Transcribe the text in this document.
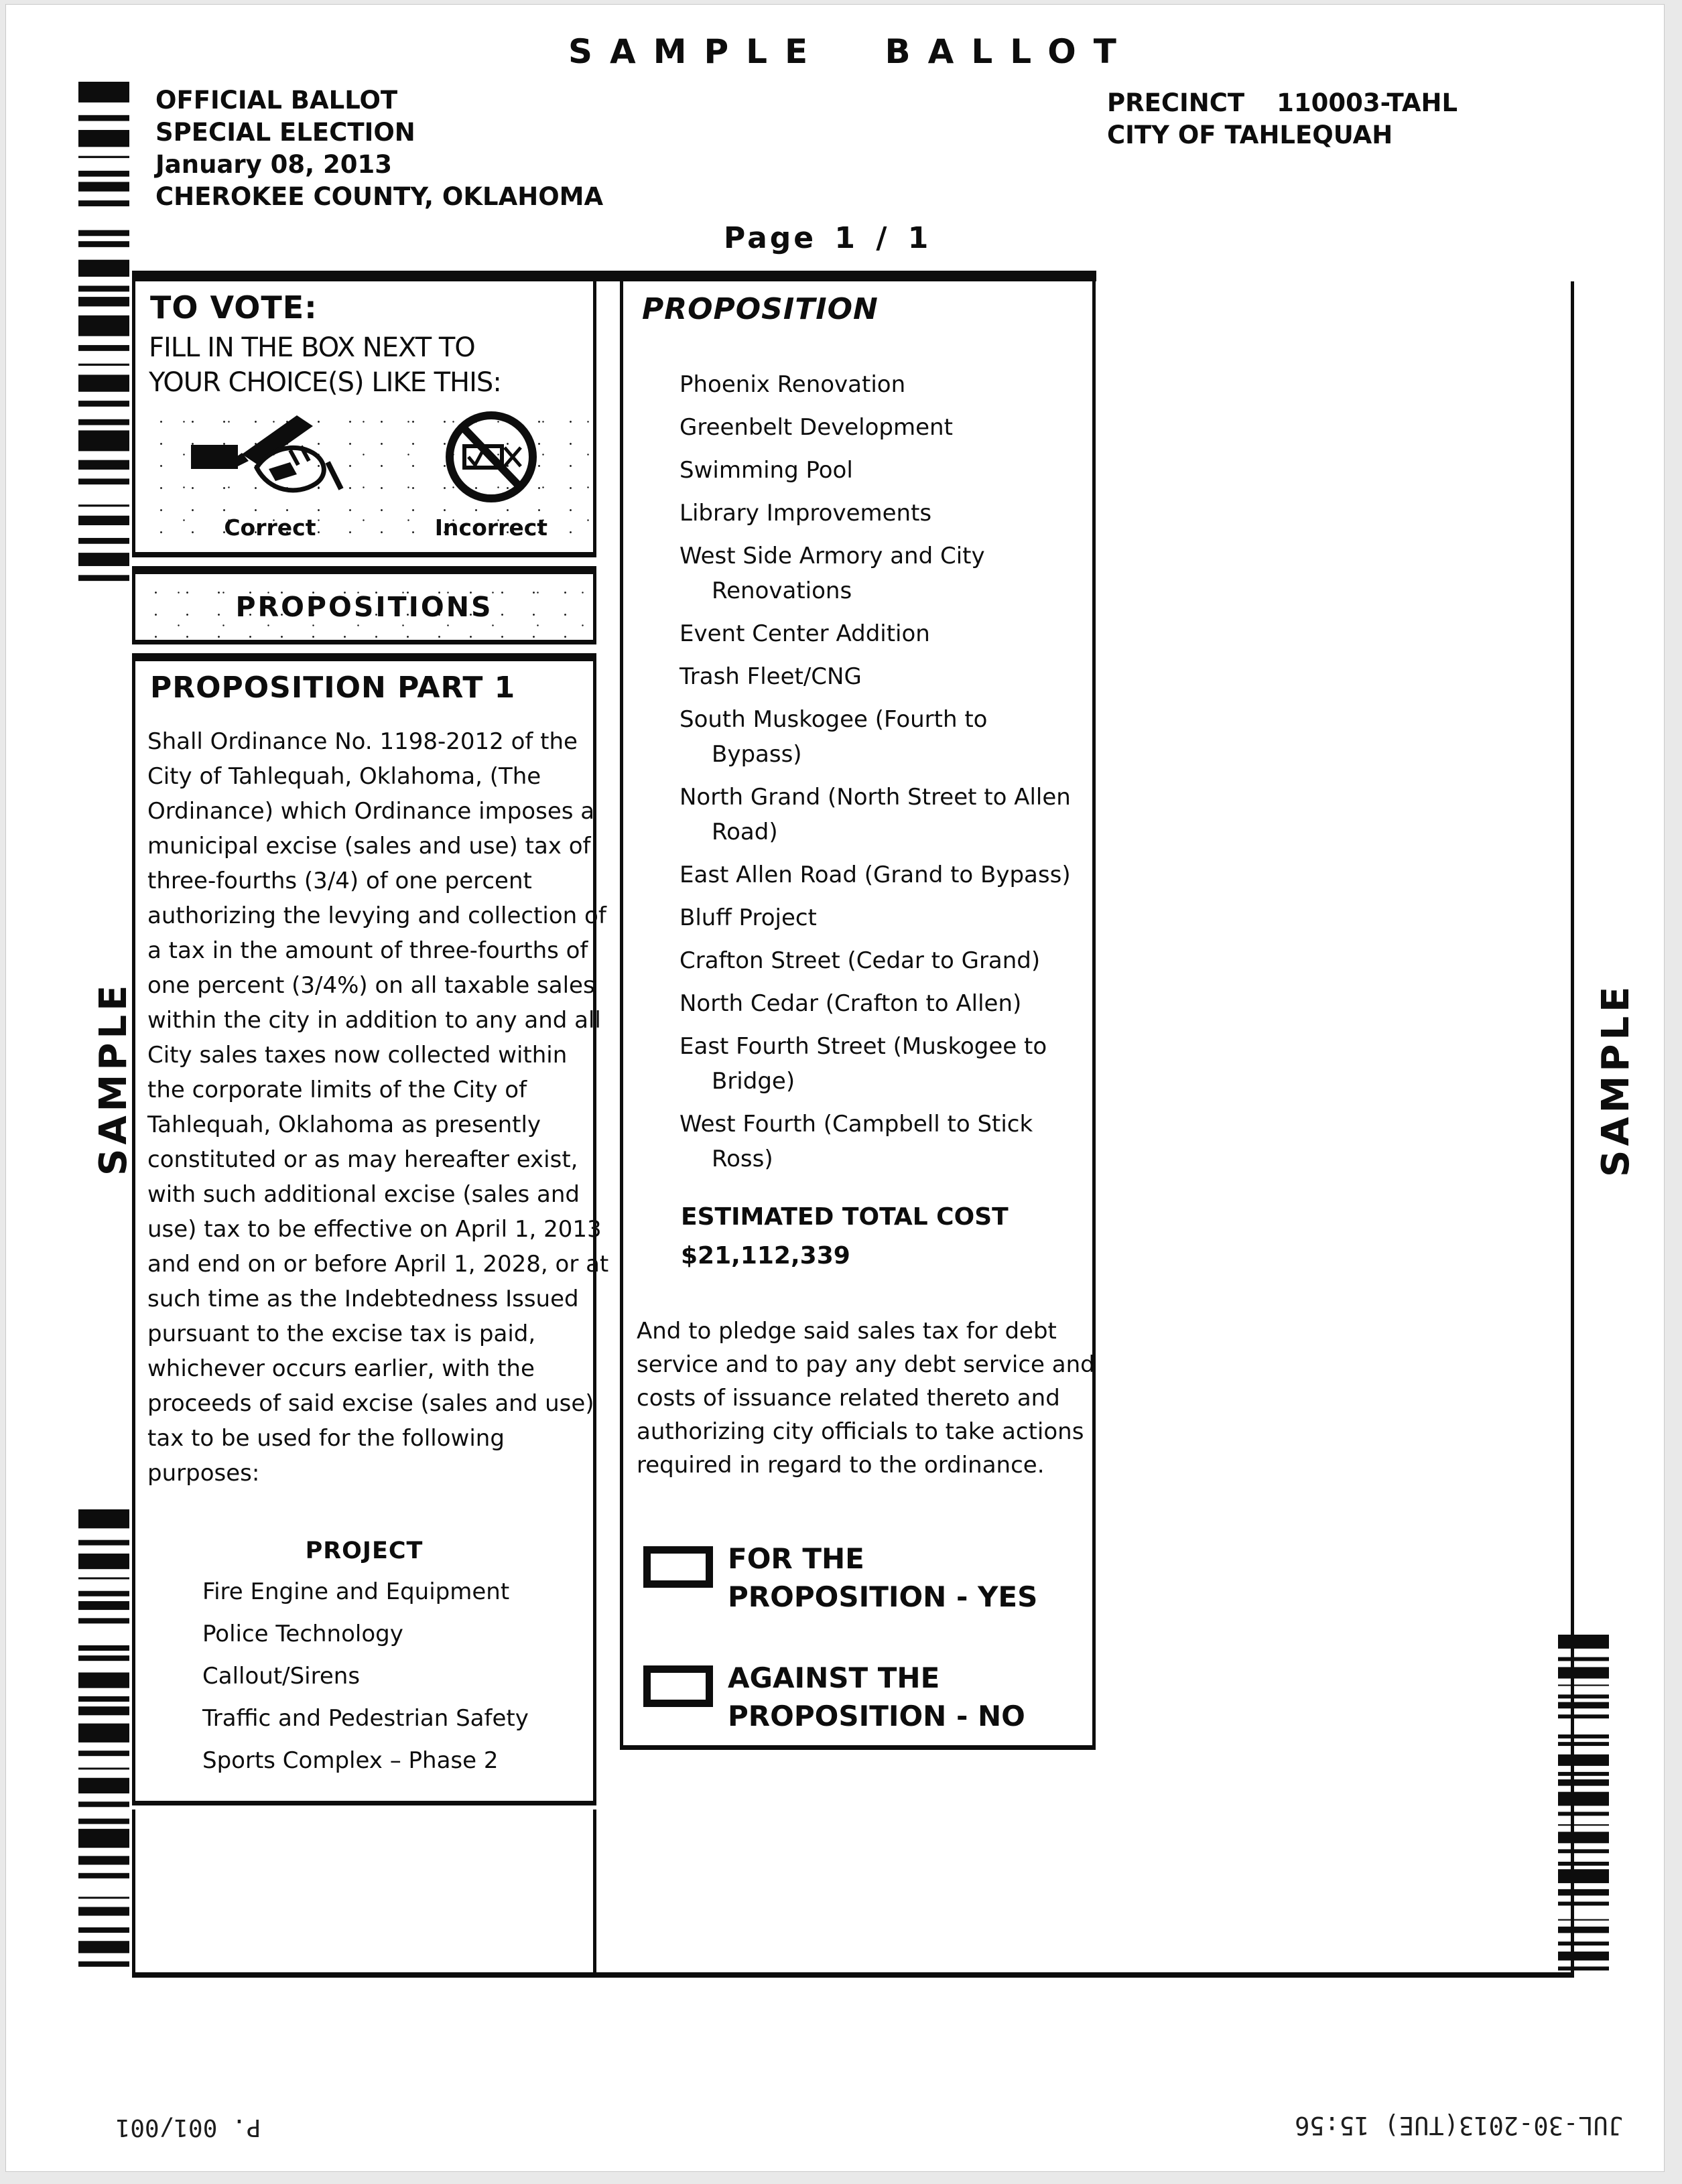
SAMPLE BALLOT
OFFICIAL BALLOT
SPECIAL ELECTION
January 08, 2013
CHEROKEE COUNTY, OKLAHOMA
PRECINCT 110003-TAHL
CITY OF TAHLEQUAH
Page 1 / 1
SAMPLE	SAMPLE
TO VOTE:
FILL IN THE BOX NEXT TO
YOUR CHOICE(S) LIKE THIS:
Correct	Incorrect
PROPOSITIONS
PROPOSITION PART 1
Shall Ordinance No. 1198-2012 of the
City of Tahlequah, Oklahoma, (The
Ordinance) which Ordinance imposes a
municipal excise (sales and use) tax of
three-fourths (3/4) of one percent
authorizing the levying and collection of
a tax in the amount of three-fourths of
one percent (3/4%) on all taxable sales
within the city in addition to any and all
City sales taxes now collected within
the corporate limits of the City of
Tahlequah, Oklahoma as presently
constituted or as may hereafter exist,
with such additional excise (sales and
use) tax to be effective on April 1, 2013
and end on or before April 1, 2028, or at
such time as the Indebtedness Issued
pursuant to the excise tax is paid,
whichever occurs earlier, with the
proceeds of said excise (sales and use)
tax to be used for the following
purposes:
PROJECT
Fire Engine and Equipment
Police Technology
Callout/Sirens
Traffic and Pedestrian Safety
Sports Complex – Phase 2
PROPOSITION
Phoenix Renovation
Greenbelt Development
Swimming Pool
Library Improvements
West Side Armory and City
Renovations
Event Center Addition
Trash Fleet/CNG
South Muskogee (Fourth to
Bypass)
North Grand (North Street to Allen
Road)
East Allen Road (Grand to Bypass)
Bluff Project
Crafton Street (Cedar to Grand)
North Cedar (Crafton to Allen)
East Fourth Street (Muskogee to
Bridge)
West Fourth (Campbell to Stick
Ross)
ESTIMATED TOTAL COST
$21,112,339
And to pledge said sales tax for debt
service and to pay any debt service and
costs of issuance related thereto and
authorizing city officials to take actions
required in regard to the ordinance.
FOR THE
PROPOSITION - YES
AGAINST THE
PROPOSITION - NO
P. 001/001	JUL-30-2013(TUE) 15:56
